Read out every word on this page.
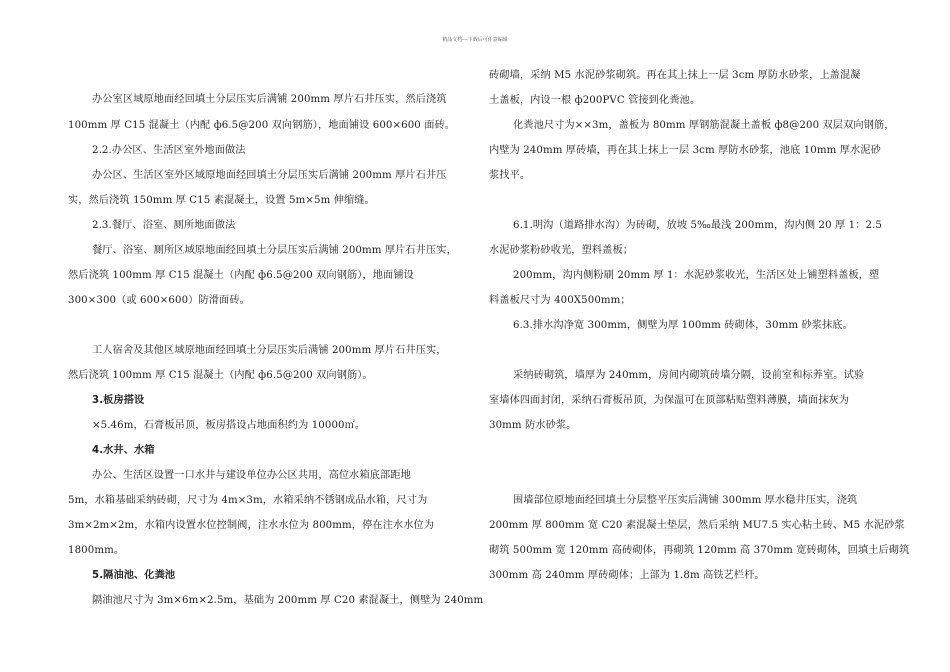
精品文档---下载后可任意编辑
办公室区域原地面经回填土分层压实后满铺 200mm 厚片石井压实，然后浇筑
100mm 厚 C15 混凝土（内配 ф6.5@200 双向钢筋），地面铺设 600×600 面砖。
2.2.办公区、生活区室外地面做法
办公区、生活区室外区域原地面经回填土分层压实后满铺 200mm 厚片石井压
实，然后浇筑 150mm 厚 C15 素混凝土，设置 5m×5m 伸缩缝。
2.3.餐厅、浴室、厕所地面做法
餐厅、浴室、厕所区域原地面经回填土分层压实后满铺 200mm 厚片石井压实，
然后浇筑 100mm 厚 C15 混凝土（内配 ф6.5@200 双向钢筋），地面铺设
300×300（或 600×600）防滑面砖。
工人宿舍及其他区域原地面经回填土分层压实后满铺 200mm 厚片石井压实，
然后浇筑 100mm 厚 C15 混凝土（内配 ф6.5@200 双向钢筋）。
3.板房搭设
×5.46m，石膏板吊顶，板房搭设占地面积约为 10000㎡。
4.水井、水箱
办公、生活区设置一口水井与建设单位办公区共用，高位水箱底部距地
5m，水箱基础采纳砖砌，尺寸为 4m×3m，水箱采纳不锈钢成品水箱，尺寸为
3m×2m×2m，水箱内设置水位控制阀，注水水位为 800mm，停在注水水位为
1800mm。
5.隔油池、化粪池
隔油池尺寸为 3m×6m×2.5m，基础为 200mm 厚 C20 素混凝土，侧壁为 240mm
砖砌墙，采纳 M5 水泥砂浆砌筑。再在其上抹上一层 3cm 厚防水砂浆，上盖混凝
土盖板，内设一根 ф200PVC 管接到化粪池。
化粪池尺寸为××3m，盖板为 80mm 厚钢筋混凝土盖板 ф8@200 双层双向钢筋，
内壁为 240mm 厚砖墙，再在其上抹上一层 3cm 厚防水砂浆，池底 10mm 厚水泥砂
浆找平。
6.1.明沟（道路排水沟）为砖砌，放坡 5‰最浅 200mm，沟内侧 20 厚 1：2.5
水泥砂浆粉砂收光，塑料盖板；
200mm，沟内侧粉刷 20mm 厚 1：水泥砂浆收光，生活区处上铺塑料盖板，塑
料盖板尺寸为 400X500mm；
6.3.排水沟净宽 300mm，侧壁为厚 100mm 砖砌体，30mm 砂浆抹底。
采纳砖砌筑，墙厚为 240mm，房间内砌筑砖墙分隔，设前室和标养室。试验
室墙体四面封闭，采纳石膏板吊顶，为保温可在顶部粘贴塑料薄膜，墙面抹灰为
30mm 防水砂浆。
围墙部位原地面经回填土分层整平压实后满铺 300mm 厚水稳井压实，浇筑
200mm 厚 800mm 宽 C20 素混凝土垫层，然后采纳 MU7.5 实心粘土砖、M5 水泥砂浆
砌筑 500mm 宽 120mm 高砖砌体，再砌筑 120mm 高 370mm 宽砖砌体，回填土后砌筑
300mm 高 240mm 厚砖砌体；上部为 1.8m 高铁艺栏杆。
